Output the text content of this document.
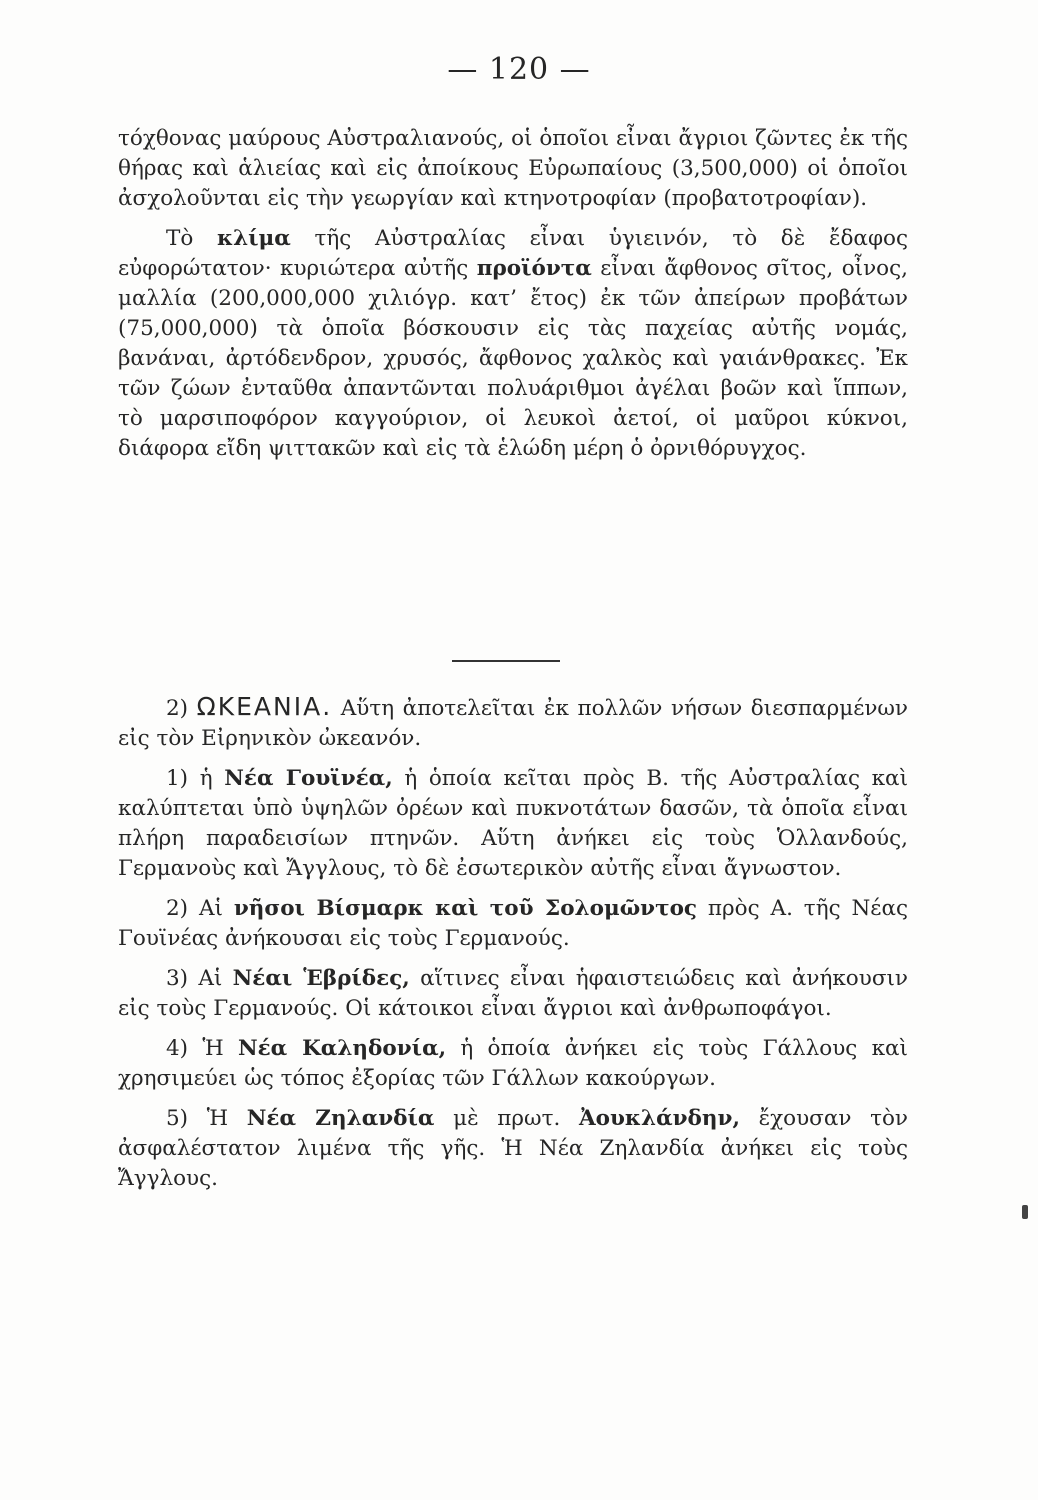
— 120 —

τόχθονας μαύρους Αὐστραλιανούς, οἱ ὁποῖοι εἶναι ἄγριοι ζῶντες ἐκ τῆς θήρας καὶ ἁλιείας καὶ εἰς ἀποίκους Εὐρωπαίους (3,500,000) οἱ ὁποῖοι ἀσχολοῦνται εἰς τὴν γεωργίαν καὶ κτηνοτροφίαν (προβατοτροφίαν).

Τὸ κλίμα τῆς Αὐστραλίας εἶναι ὑγιεινόν, τὸ δὲ ἔδαφος εὐφορώτατον· κυριώτερα αὐτῆς προϊόντα εἶναι ἄφθονος σῖτος, οἶνος, μαλλία (200,000,000 χιλιόγρ. κατ’ ἔτος) ἐκ τῶν ἀπείρων προβάτων (75,000,000) τὰ ὁποῖα βόσκουσιν εἰς τὰς παχείας αὐτῆς νομάς, βανάναι, ἀρτόδενδρον, χρυσός, ἄφθονος χαλκὸς καὶ γαιάνθρακες. Ἐκ τῶν ζώων ἐνταῦθα ἀπαντῶνται πολυάριθμοι ἀγέλαι βοῶν καὶ ἵππων, τὸ μαρσιποφόρον καγγούριον, οἱ λευκοὶ ἀετοί, οἱ μαῦροι κύκνοι, διάφορα εἴδη ψιττακῶν καὶ εἰς τὰ ἑλώδη μέρη ὁ ὀρνιθόρυγχος.

2) ΩΚΕΑΝΙΑ. Αὕτη ἀποτελεῖται ἐκ πολλῶν νήσων διεσπαρμένων εἰς τὸν Εἰρηνικὸν ὠκεανόν.

1) ἡ Νέα Γουϊνέα, ἡ ὁποία κεῖται πρὸς Β. τῆς Αὐστραλίας καὶ καλύπτεται ὑπὸ ὑψηλῶν ὀρέων καὶ πυκνοτάτων δασῶν, τὰ ὁποῖα εἶναι πλήρη παραδεισίων πτηνῶν. Αὕτη ἀνήκει εἰς τοὺς Ὁλλανδούς, Γερμανοὺς καὶ Ἄγγλους, τὸ δὲ ἐσωτερικὸν αὐτῆς εἶναι ἄγνωστον.

2) Αἱ νῆσοι Βίσμαρκ καὶ τοῦ Σολομῶντος πρὸς Α. τῆς Νέας Γουϊνέας ἀνήκουσαι εἰς τοὺς Γερμανούς.

3) Αἱ Νέαι Ἑβρίδες, αἵτινες εἶναι ἡφαιστειώδεις καὶ ἀνήκουσιν εἰς τοὺς Γερμανούς. Οἱ κάτοικοι εἶναι ἄγριοι καὶ ἀνθρωποφάγοι.

4) Ἡ Νέα Καληδονία, ἡ ὁποία ἀνήκει εἰς τοὺς Γάλλους καὶ χρησιμεύει ὡς τόπος ἐξορίας τῶν Γάλλων κακούργων.

5) Ἡ Νέα Ζηλανδία μὲ πρωτ. Ἀουκλάνδην, ἔχουσαν τὸν ἀσφαλέστατον λιμένα τῆς γῆς. Ἡ Νέα Ζηλανδία ἀνήκει εἰς τοὺς Ἄγγλους.
